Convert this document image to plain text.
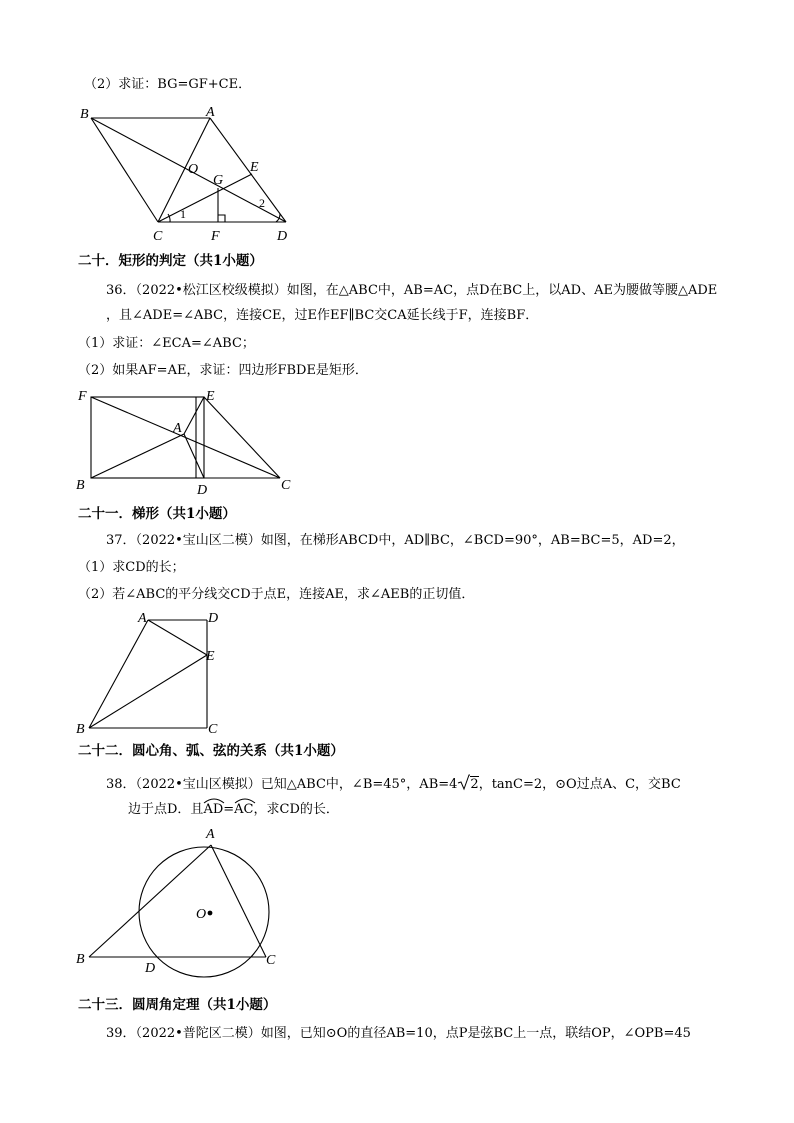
（2）求证：BG=GF+CE．
B	A
O
G
E
C	F	D
1
2
二十．矩形的判定（共1小题）
36．（2022•松江区校级模拟）如图，在△ABC中，AB=AC，点D在BC上，以AD、AE为腰做等腰△ADE
，且∠ADE=∠ABC，连接CE，过E作EF∥BC交CA延长线于F，连接BF．
（1）求证：∠ECA=∠ABC；
（2）如果AF=AE，求证：四边形FBDE是矩形．
F	E
A
B	D	C
二十一．梯形（共1小题）
37．（2022•宝山区二模）如图，在梯形ABCD中，AD∥BC，∠BCD=90°，AB=BC=5，AD=2，
（1）求CD的长；
（2）若∠ABC的平分线交CD于点E，连接AE，求∠AEB的正切值．
A	D
E
B	C
二十二．圆心角、弧、弦的关系（共1小题）
38．（2022•宝山区模拟）已知△ABC中，∠B=45°，AB=4 2，tanC=2，⊙O过点A、C，交BC
边于点D．且AD
=AC
，求CD的长．
A
O
B
D
C
二十三．圆周角定理（共1小题）
39．（2022•普陀区二模）如图，已知⊙O的直径AB=10，点P是弦BC上一点，联结OP，∠OPB=45
